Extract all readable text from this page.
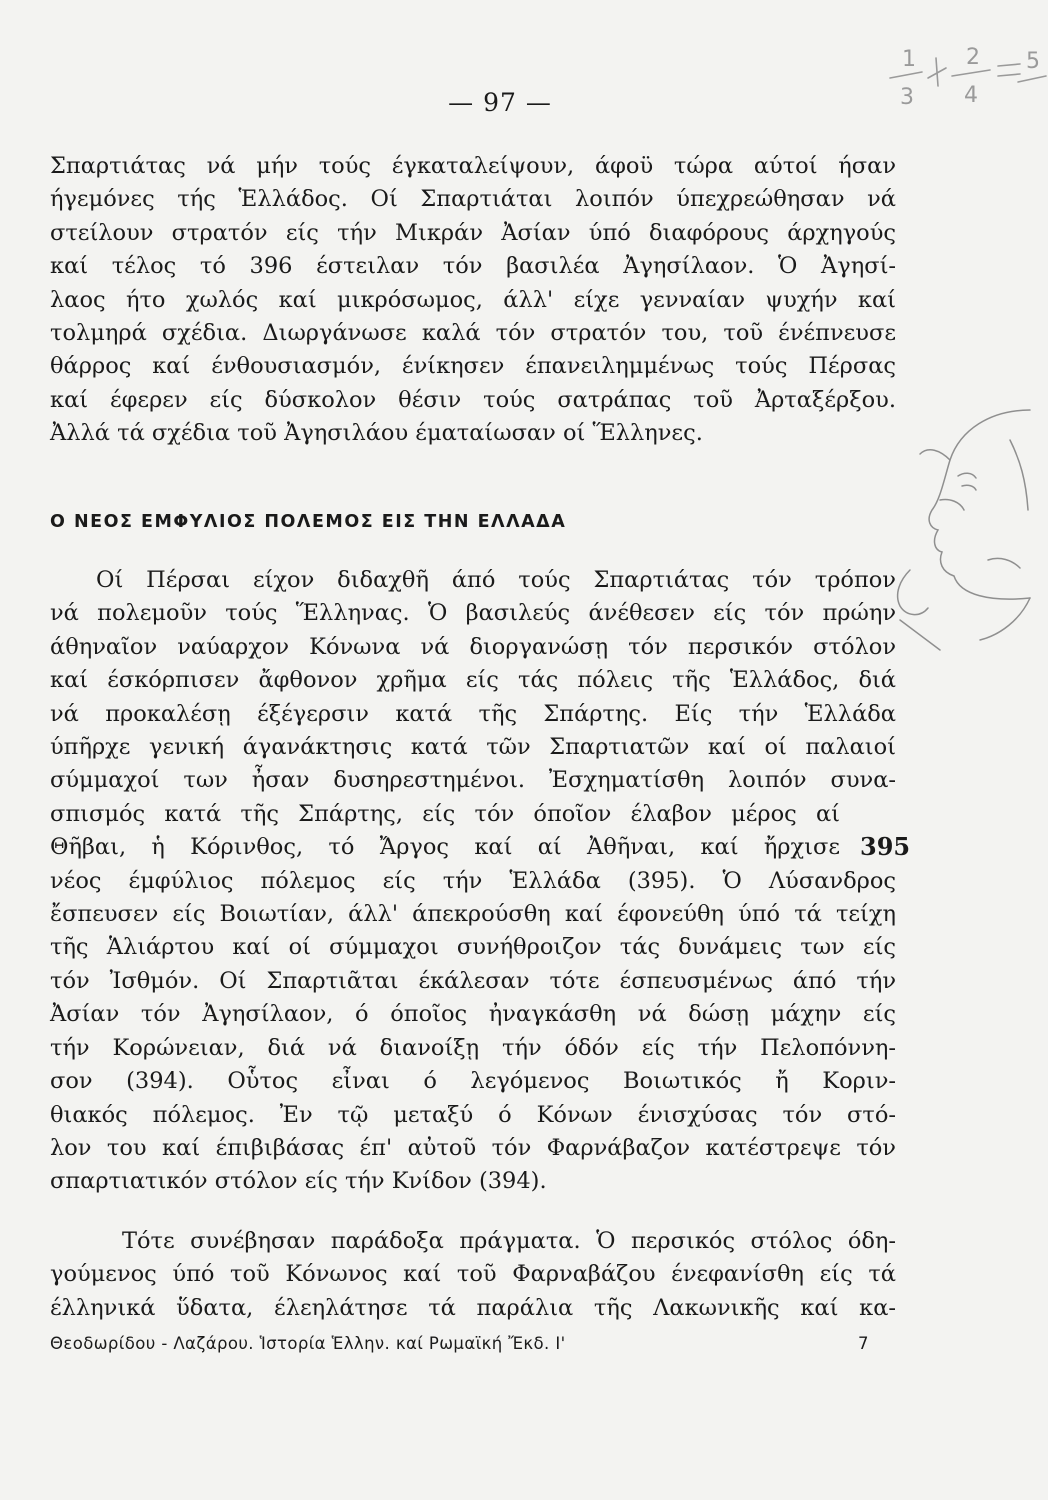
1
3
2
4
5
— 97 —
Σπαρτιάτας νά μήν τούς έγκαταλείψουν, άφοϋ τώρα αύτοί ήσαν
ήγεμόνες τής Ἑλλάδος. Οί Σπαρτιάται λοιπόν ύπεχρεώθησαν νά
στείλουν στρατόν είς τήν Μικράν Ἀσίαν ύπό διαφόρους άρχηγούς
καί τέλος τό 396 έστειλαν τόν βασιλέα Ἀγησίλαον. Ὁ Ἀγησί-
λαος ήτο χωλός καί μικρόσωμος, άλλ' είχε γενναίαν ψυχήν καί
τολμηρά σχέδια. Διωργάνωσε καλά τόν στρατόν του, τοῦ ένέπνευσε
θάρρος καί ένθουσιασμόν, ένίκησεν έπανειλημμένως τούς Πέρσας
καί έφερεν είς δύσκολον θέσιν τούς σατράπας τοῦ Ἀρταξέρξου.
Ἀλλά τά σχέδια τοῦ Ἀγησιλάου έματαίωσαν οί Ἕλληνες.
Ο ΝΕΟΣ ΕΜΦΥΛΙΟΣ ΠΟΛΕΜΟΣ ΕΙΣ ΤΗΝ ΕΛΛΑΔΑ
Οί Πέρσαι είχον διδαχθῆ άπό τούς Σπαρτιάτας τόν τρόπον
νά πολεμοῦν τούς Ἕλληνας. Ὁ βασιλεύς άνέθεσεν είς τόν πρώην
άθηναῖον ναύαρχον Κόνωνα νά διοργανώσῃ τόν περσικόν στόλον
καί έσκόρπισεν ἄφθονον χρῆμα είς τάς πόλεις τῆς Ἑλλάδος, διά
νά προκαλέσῃ έξέγερσιν κατά τῆς Σπάρτης. Είς τήν Ἑλλάδα
ύπῆρχε γενική άγανάκτησις κατά τῶν Σπαρτιατῶν καί οί παλαιοί
σύμμαχοί των ἦσαν δυσηρεστημένοι. Ἐσχηματίσθη λοιπόν συνα-
σπισμός κατά τῆς Σπάρτης, είς τόν όποῖον έλαβον μέρος αί
Θῆβαι, ἡ Κόρινθος, τό Ἄργος καί αί Ἀθῆναι, καί ἤρχισε
νέος έμφύλιος πόλεμος είς τήν Ἑλλάδα (395). Ὁ Λύσανδρος
ἔσπευσεν είς Βοιωτίαν, άλλ' άπεκρούσθη καί έφονεύθη ύπό τά τείχη
τῆς Ἁλιάρτου καί οί σύμμαχοι συνήθροιζον τάς δυνάμεις των είς
τόν Ἰσθμόν. Οί Σπαρτιᾶται έκάλεσαν τότε έσπευσμένως άπό τήν
Ἀσίαν τόν Ἀγησίλαον, ό όποῖος ἠναγκάσθη νά δώσῃ μάχην είς
τήν Κορώνειαν, διά νά διανοίξῃ τήν όδόν είς τήν Πελοπόννη-
σον (394). Οὗτος εἶναι ό λεγόμενος Βοιωτικός ἤ Κοριν-
θιακός πόλεμος. Ἐν τῷ μεταξύ ό Κόνων ένισχύσας τόν στό-
λον του καί έπιβιβάσας έπ' αὐτοῦ τόν Φαρνάβαζον κατέστρεψε τόν
σπαρτιατικόν στόλον είς τήν Κνίδον (394).
395
Τότε συνέβησαν παράδοξα πράγματα. Ὁ περσικός στόλος όδη-
γούμενος ύπό τοῦ Κόνωνος καί τοῦ Φαρναβάζου ένεφανίσθη είς τά
έλληνικά ὕδατα, έλεηλάτησε τά παράλια τῆς Λακωνικῆς καί κα-
Θεοδωρίδου - Λαζάρου. Ἱστορία Ἑλλην. καί Ρωμαϊκή Ἔκδ. Ι'	7
